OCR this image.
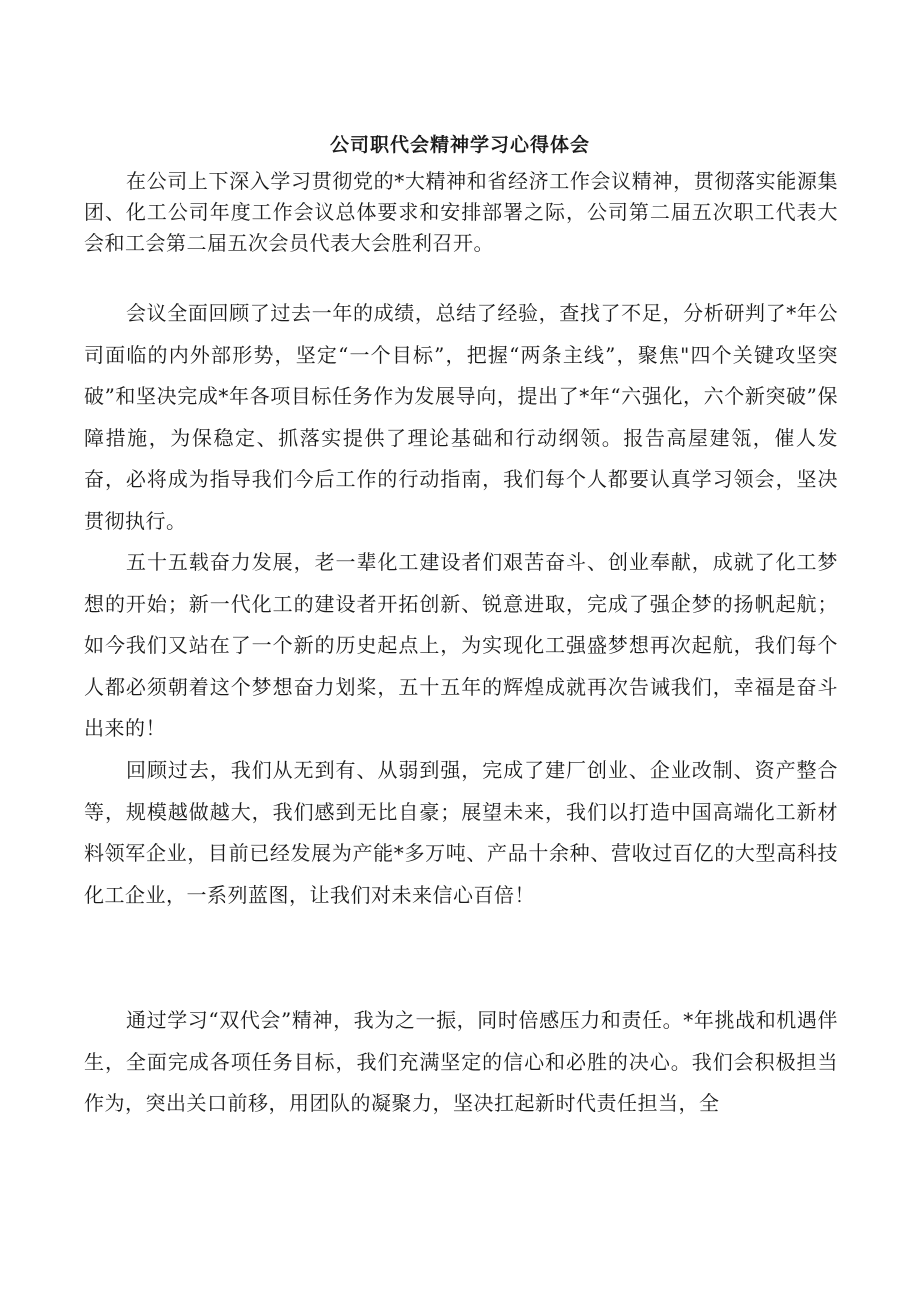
公司职代会精神学习心得体会

在公司上下深入学习贯彻党的*大精神和省经济工作会议精神，贯彻落实能源集团、化工公司年度工作会议总体要求和安排部署之际，公司第二届五次职工代表大会和工会第二届五次会员代表大会胜利召开。

会议全面回顾了过去一年的成绩，总结了经验，查找了不足，分析研判了*年公司面临的内外部形势，坚定“一个目标”，把握“两条主线”，聚焦"四个关键攻坚突破”和坚决完成*年各项目标任务作为发展导向，提出了*年“六强化，六个新突破”保障措施，为保稳定、抓落实提供了理论基础和行动纲领。报告高屋建瓴，催人发奋，必将成为指导我们今后工作的行动指南，我们每个人都要认真学习领会，坚决贯彻执行。

五十五载奋力发展，老一辈化工建设者们艰苦奋斗、创业奉献，成就了化工梦想的开始；新一代化工的建设者开拓创新、锐意进取，完成了强企梦的扬帆起航；如今我们又站在了一个新的历史起点上，为实现化工强盛梦想再次起航，我们每个人都必须朝着这个梦想奋力划桨，五十五年的辉煌成就再次告诫我们，幸福是奋斗出来的！

回顾过去，我们从无到有、从弱到强，完成了建厂创业、企业改制、资产整合等，规模越做越大，我们感到无比自豪；展望未来，我们以打造中国高端化工新材料领军企业，目前已经发展为产能*多万吨、产品十余种、营收过百亿的大型高科技化工企业，一系列蓝图，让我们对未来信心百倍！

通过学习“双代会”精神，我为之一振，同时倍感压力和责任。*年挑战和机遇伴生，全面完成各项任务目标，我们充满坚定的信心和必胜的决心。我们会积极担当作为，突出关口前移，用团队的凝聚力，坚决扛起新时代责任担当，全
